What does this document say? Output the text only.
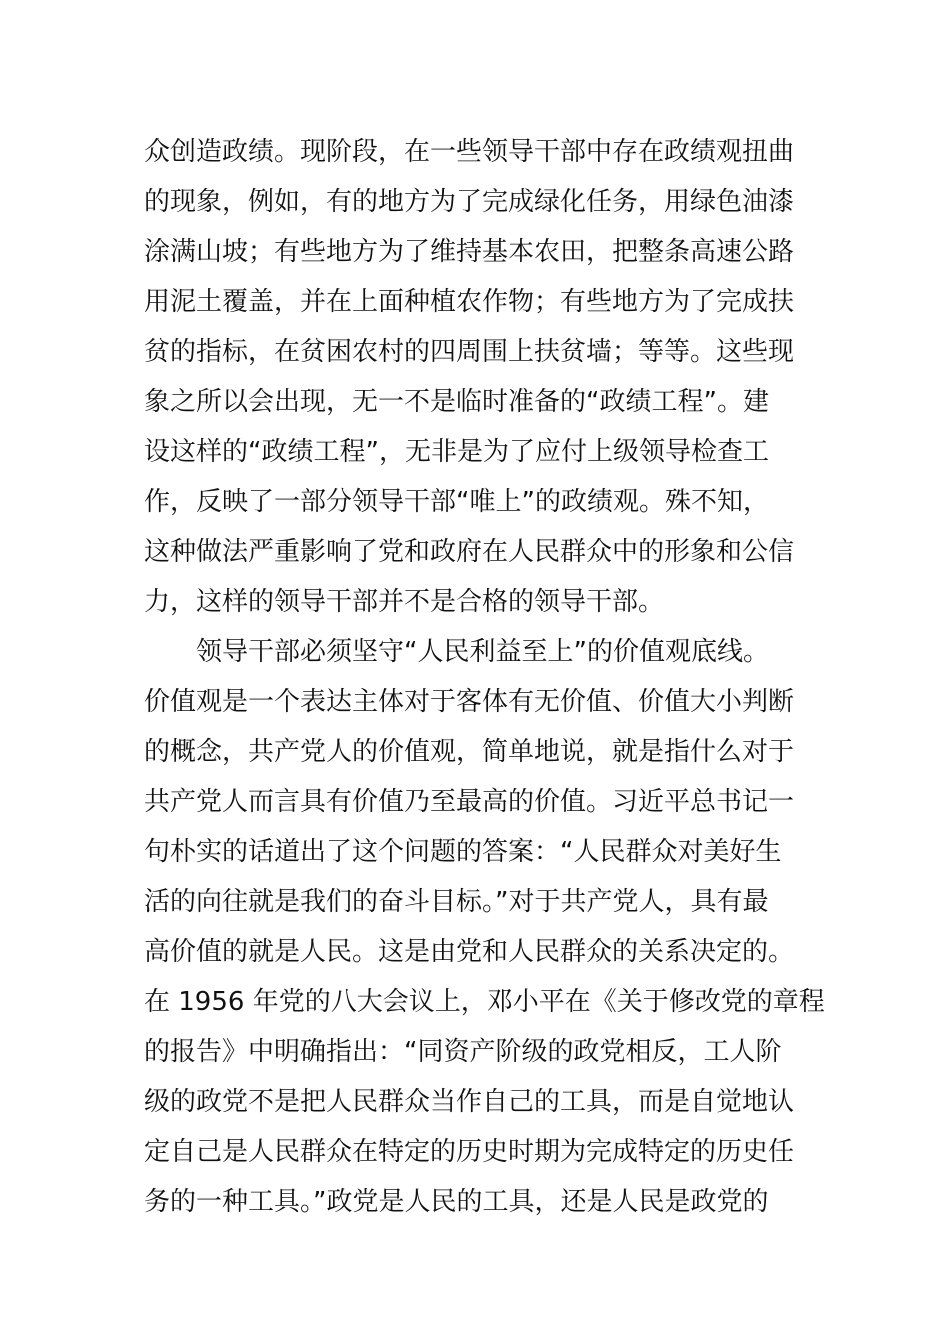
众创造政绩。现阶段，在一些领导干部中存在政绩观扭曲
的现象，例如，有的地方为了完成绿化任务，用绿色油漆
涂满山坡；有些地方为了维持基本农田，把整条高速公路
用泥土覆盖，并在上面种植农作物；有些地方为了完成扶
贫的指标，在贫困农村的四周围上扶贫墙；等等。这些现
象之所以会出现，无一不是临时准备的“政绩工程”。建
设这样的“政绩工程”，无非是为了应付上级领导检查工
作，反映了一部分领导干部“唯上”的政绩观。殊不知，
这种做法严重影响了党和政府在人民群众中的形象和公信
力，这样的领导干部并不是合格的领导干部。
领导干部必须坚守“人民利益至上”的价值观底线。
价值观是一个表达主体对于客体有无价值、价值大小判断
的概念，共产党人的价值观，简单地说，就是指什么对于
共产党人而言具有价值乃至最高的价值。习近平总书记一
句朴实的话道出了这个问题的答案：“人民群众对美好生
活的向往就是我们的奋斗目标。”对于共产党人，具有最
高价值的就是人民。这是由党和人民群众的关系决定的。
在 1956 年党的八大会议上，邓小平在《关于修改党的章程
的报告》中明确指出：“同资产阶级的政党相反，工人阶
级的政党不是把人民群众当作自己的工具，而是自觉地认
定自己是人民群众在特定的历史时期为完成特定的历史任
务的一种工具。”政党是人民的工具，还是人民是政党的
